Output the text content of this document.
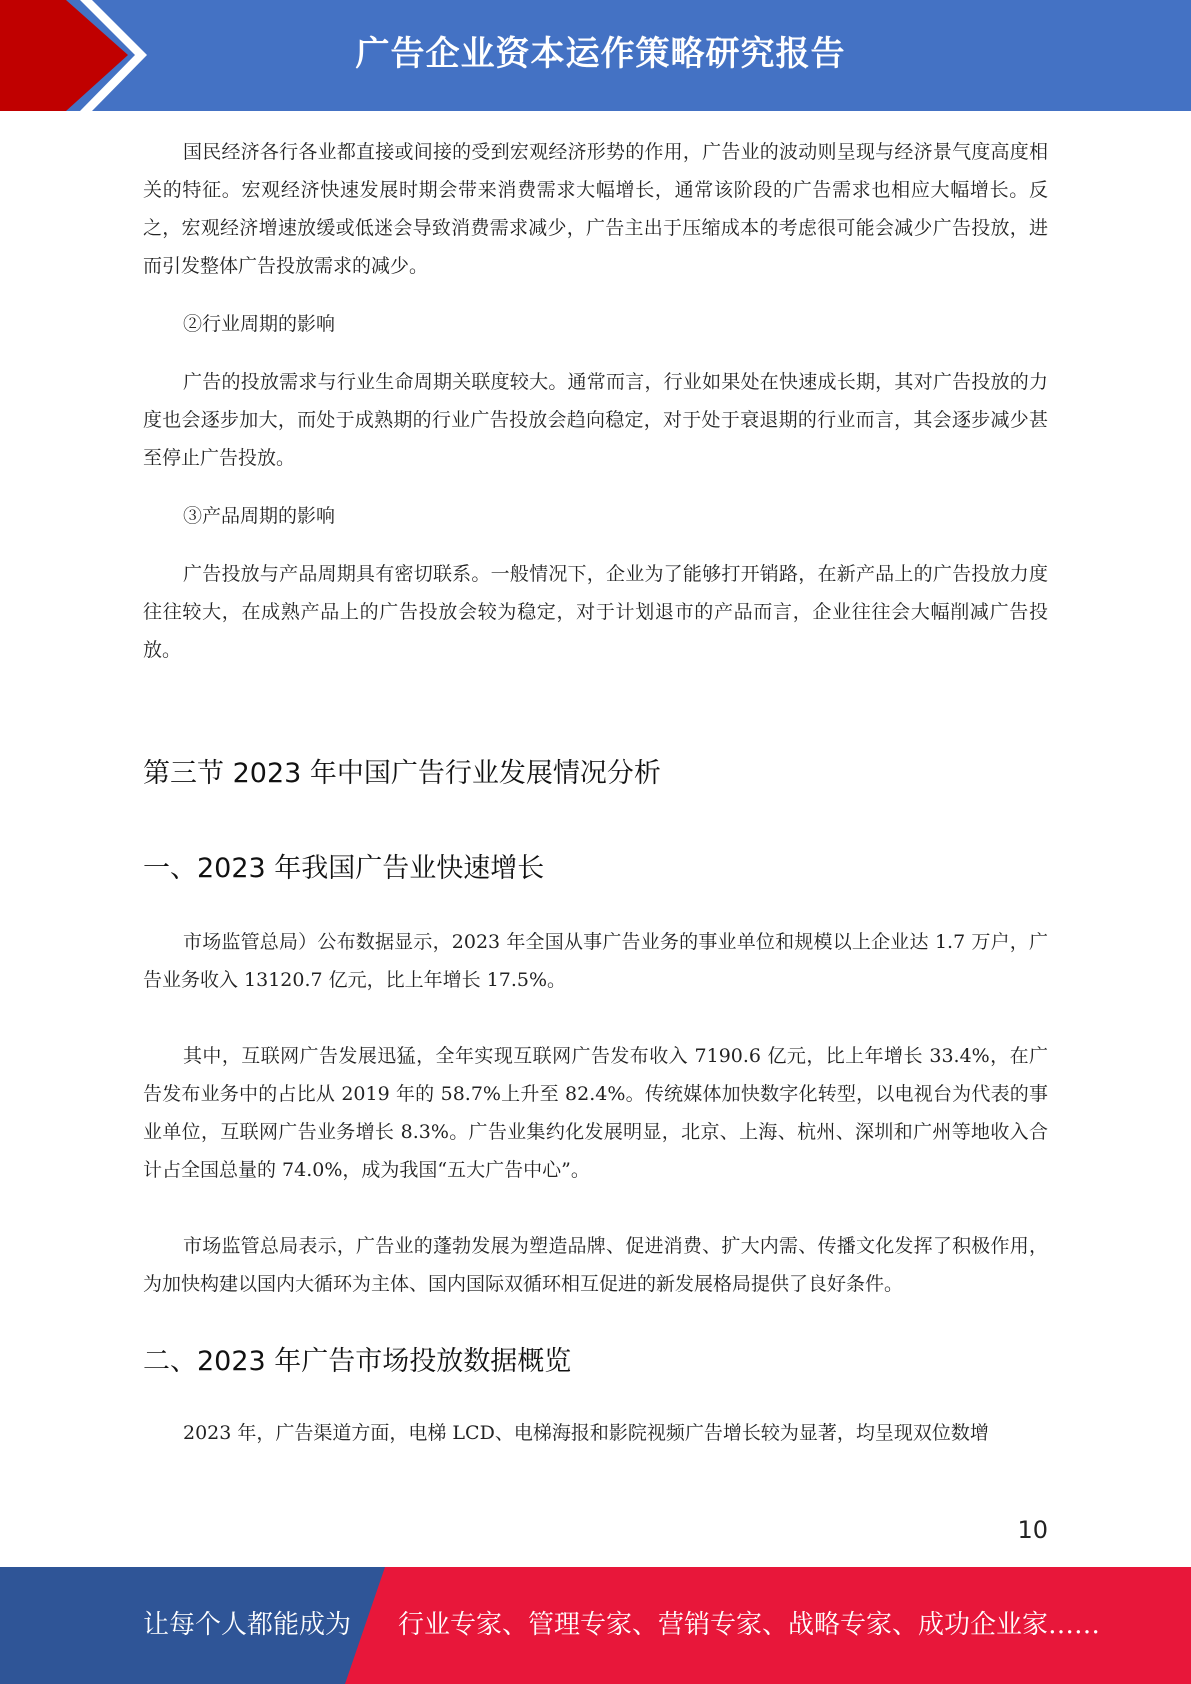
广告企业资本运作策略研究报告

国民经济各行各业都直接或间接的受到宏观经济形势的作用，广告业的波动则呈现与经济景气度高度相关的特征。宏观经济快速发展时期会带来消费需求大幅增长，通常该阶段的广告需求也相应大幅增长。反之，宏观经济增速放缓或低迷会导致消费需求减少，广告主出于压缩成本的考虑很可能会减少广告投放，进而引发整体广告投放需求的减少。

②行业周期的影响

广告的投放需求与行业生命周期关联度较大。通常而言，行业如果处在快速成长期，其对广告投放的力度也会逐步加大，而处于成熟期的行业广告投放会趋向稳定，对于处于衰退期的行业而言，其会逐步减少甚至停止广告投放。

③产品周期的影响

广告投放与产品周期具有密切联系。一般情况下，企业为了能够打开销路，在新产品上的广告投放力度往往较大，在成熟产品上的广告投放会较为稳定，对于计划退市的产品而言，企业往往会大幅削减广告投放。

第三节 2023 年中国广告行业发展情况分析
一、2023 年我国广告业快速增长

市场监管总局）公布数据显示，2023 年全国从事广告业务的事业单位和规模以上企业达 1.7 万户，广告业务收入 13120.7 亿元，比上年增长 17.5%。

其中，互联网广告发展迅猛，全年实现互联网广告发布收入 7190.6 亿元，比上年增长 33.4%，在广告发布业务中的占比从 2019 年的 58.7%上升至 82.4%。传统媒体加快数字化转型，以电视台为代表的事业单位，互联网广告业务增长 8.3%。广告业集约化发展明显，北京、上海、杭州、深圳和广州等地收入合计占全国总量的 74.0%，成为我国“五大广告中心”。

市场监管总局表示，广告业的蓬勃发展为塑造品牌、促进消费、扩大内需、传播文化发挥了积极作用，为加快构建以国内大循环为主体、国内国际双循环相互促进的新发展格局提供了良好条件。

二、2023 年广告市场投放数据概览

2023 年，广告渠道方面，电梯 LCD、电梯海报和影院视频广告增长较为显著，均呈现双位数增

10
让每个人都能成为 行业专家、管理专家、营销专家、战略专家、成功企业家……
